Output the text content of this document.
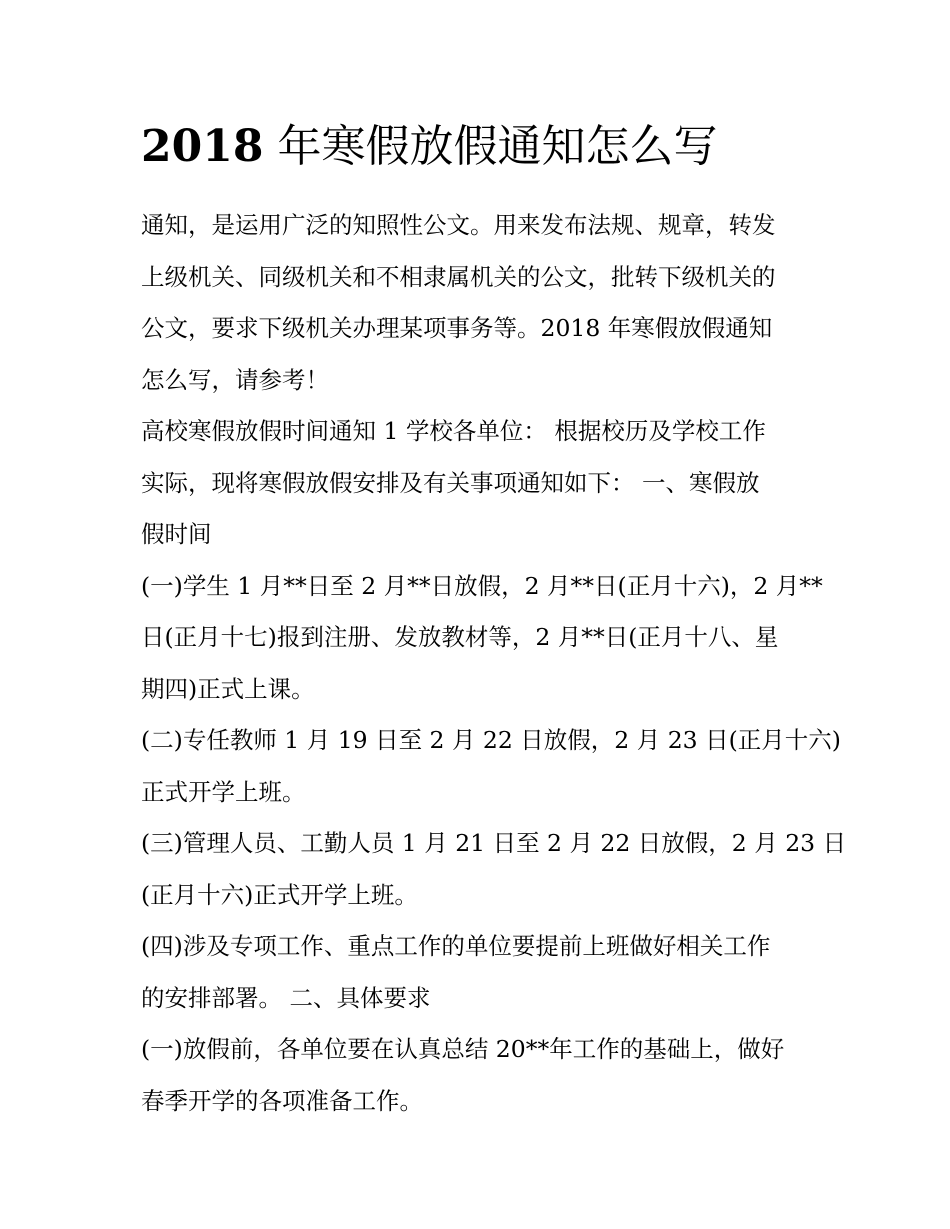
2018 年寒假放假通知怎么写

通知，是运用广泛的知照性公文。用来发布法规、规章，转发
上级机关、同级机关和不相隶属机关的公文，批转下级机关的
公文，要求下级机关办理某项事务等。2018 年寒假放假通知
怎么写，请参考！

高校寒假放假时间通知 1 学校各单位： 根据校历及学校工作
实际，现将寒假放假安排及有关事项通知如下： 一、寒假放
假时间

(一)学生 1 月**日至 2 月**日放假，2 月**日(正月十六)，2 月**
日(正月十七)报到注册、发放教材等，2 月**日(正月十八、星
期四)正式上课。

(二)专任教师 1 月 19 日至 2 月 22 日放假，2 月 23 日(正月十六)
正式开学上班。

(三)管理人员、工勤人员 1 月 21 日至 2 月 22 日放假，2 月 23 日
(正月十六)正式开学上班。

(四)涉及专项工作、重点工作的单位要提前上班做好相关工作
的安排部署。 二、具体要求

(一)放假前，各单位要在认真总结 20**年工作的基础上，做好
春季开学的各项准备工作。
